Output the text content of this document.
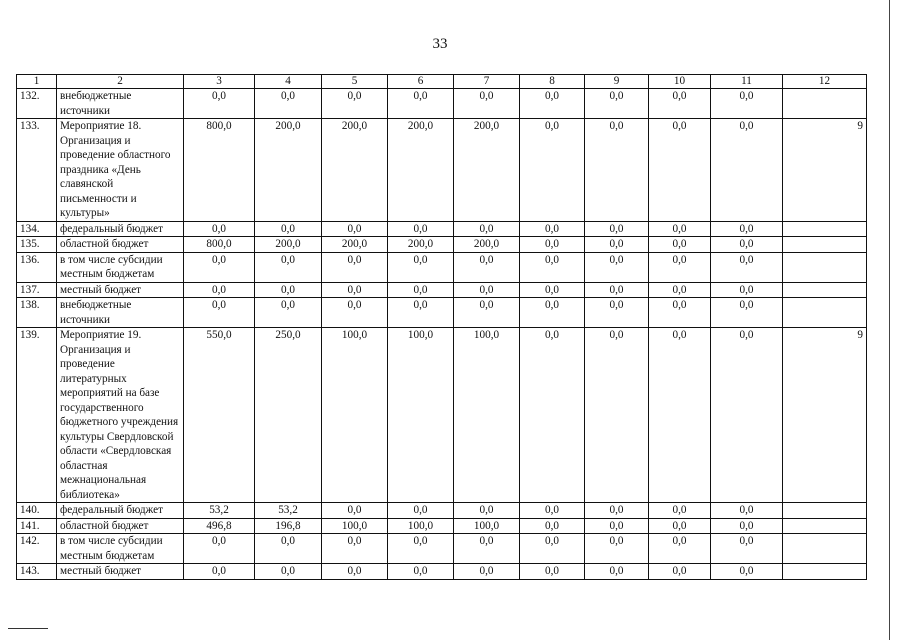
33
1	2	3	4	5	6	7	8	9	10	11	12
132.	внебюджетные источники	0,0	0,0	0,0	0,0	0,0	0,0	0,0	0,0	0,0	
133.	Мероприятие 18. Организация и проведение областного праздника «День славянской письменности и культуры»	800,0	200,0	200,0	200,0	200,0	0,0	0,0	0,0	0,0	9
134.	федеральный бюджет	0,0	0,0	0,0	0,0	0,0	0,0	0,0	0,0	0,0	
135.	областной бюджет	800,0	200,0	200,0	200,0	200,0	0,0	0,0	0,0	0,0	
136.	в том числе субсидии местным бюджетам	0,0	0,0	0,0	0,0	0,0	0,0	0,0	0,0	0,0	
137.	местный бюджет	0,0	0,0	0,0	0,0	0,0	0,0	0,0	0,0	0,0	
138.	внебюджетные источники	0,0	0,0	0,0	0,0	0,0	0,0	0,0	0,0	0,0	
139.	Мероприятие 19. Организация и проведение литературных мероприятий на базе государственного бюджетного учреждения культуры Свердловской области «Свердловская областная межнациональная библиотека»	550,0	250,0	100,0	100,0	100,0	0,0	0,0	0,0	0,0	9
140.	федеральный бюджет	53,2	53,2	0,0	0,0	0,0	0,0	0,0	0,0	0,0	
141.	областной бюджет	496,8	196,8	100,0	100,0	100,0	0,0	0,0	0,0	0,0	
142.	в том числе субсидии местным бюджетам	0,0	0,0	0,0	0,0	0,0	0,0	0,0	0,0	0,0	
143.	местный бюджет	0,0	0,0	0,0	0,0	0,0	0,0	0,0	0,0	0,0	
